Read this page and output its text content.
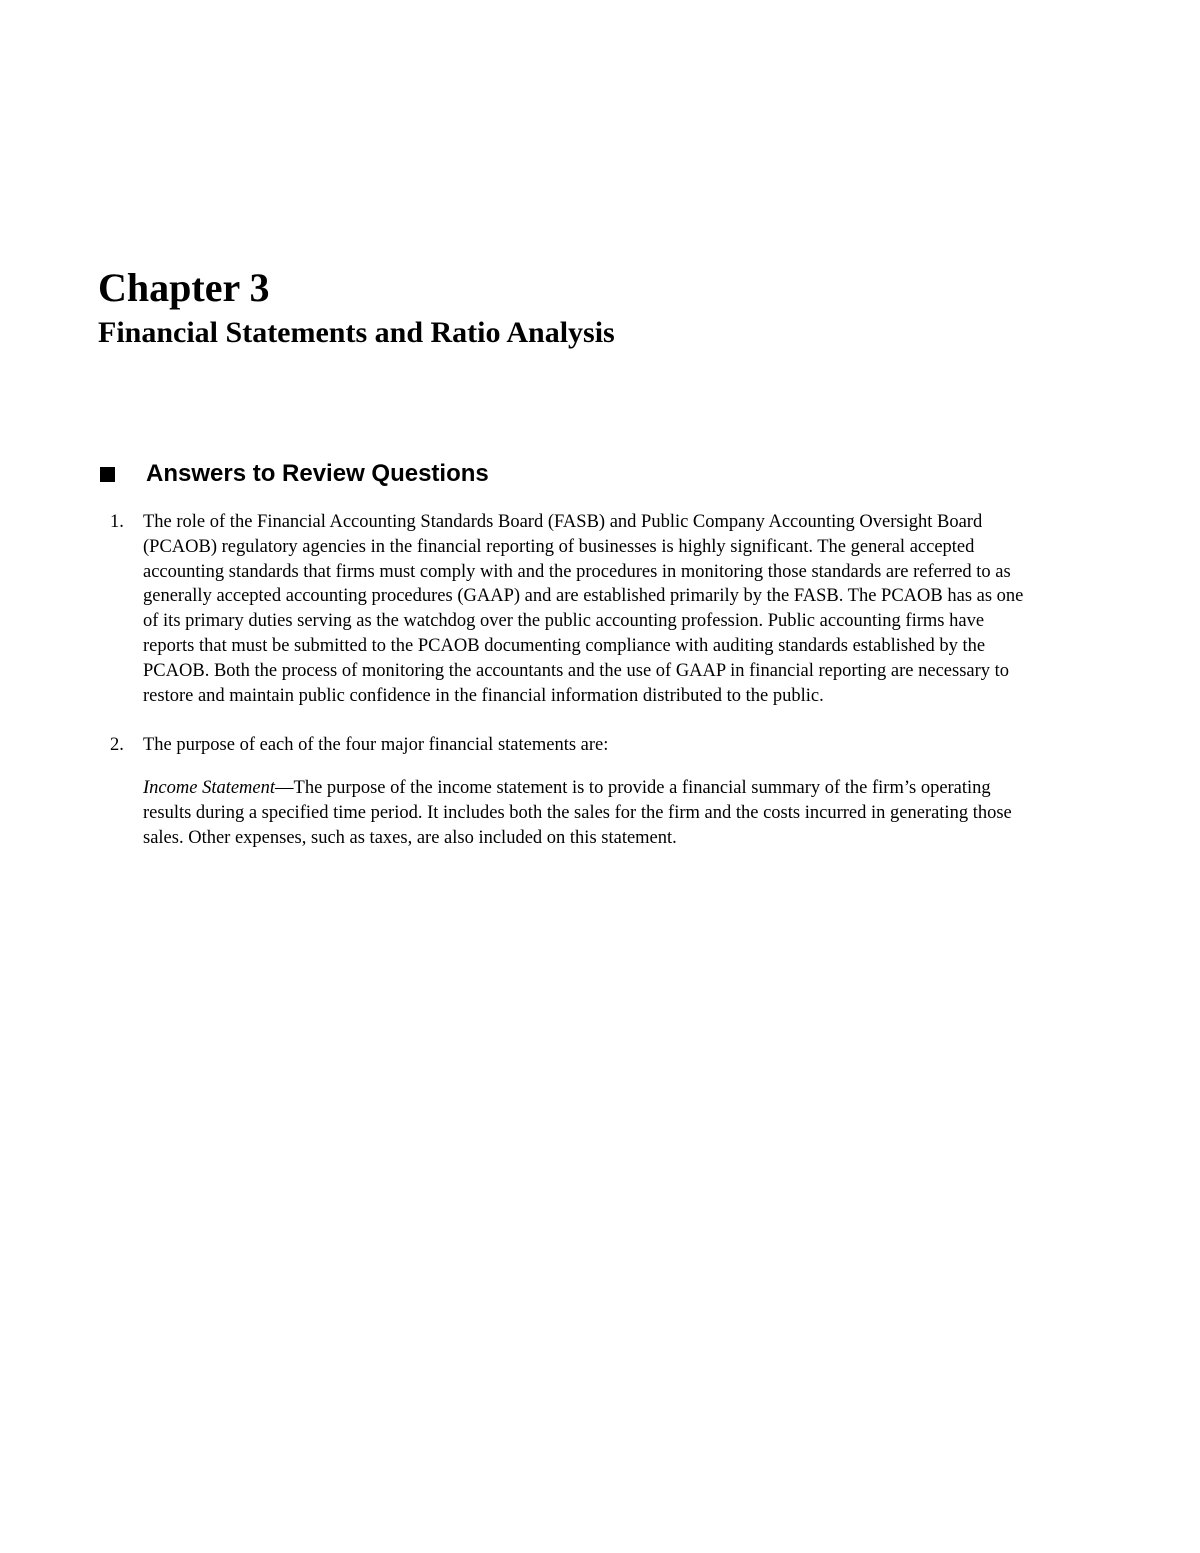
Chapter 3
Financial Statements and Ratio Analysis
Answers to Review Questions
1. The role of the Financial Accounting Standards Board (FASB) and Public Company Accounting Oversight Board (PCAOB) regulatory agencies in the financial reporting of businesses is highly significant. The general accepted accounting standards that firms must comply with and the procedures in monitoring those standards are referred to as generally accepted accounting procedures (GAAP) and are established primarily by the FASB. The PCAOB has as one of its primary duties serving as the watchdog over the public accounting profession. Public accounting firms have reports that must be submitted to the PCAOB documenting compliance with auditing standards established by the PCAOB. Both the process of monitoring the accountants and the use of GAAP in financial reporting are necessary to restore and maintain public confidence in the financial information distributed to the public.

2. The purpose of each of the four major financial statements are:

Income Statement—The purpose of the income statement is to provide a financial summary of the firm’s operating results during a specified time period. It includes both the sales for the firm and the costs incurred in generating those sales. Other expenses, such as taxes, are also included on this statement.
